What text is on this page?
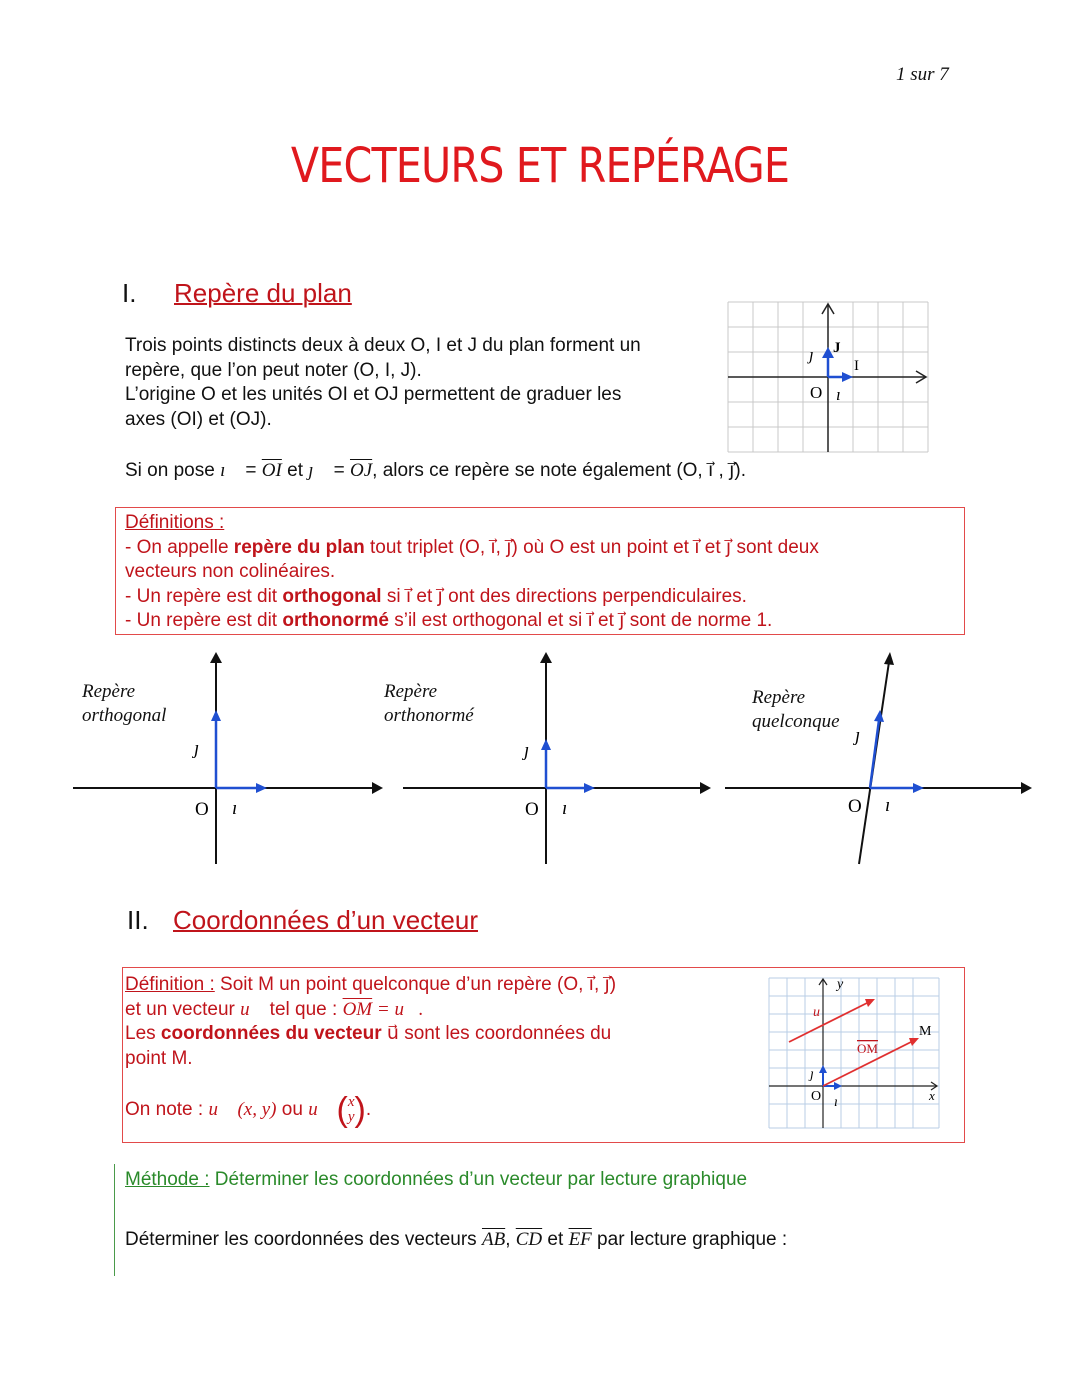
1 sur 7
VECTEURS ET REPÉRAGE
I. Repère du plan
Trois points distincts deux à deux O, I et J du plan forment un
repère, que l’on peut noter (O, I, J).
L’origine O et les unités OI et OJ permettent de graduer les
axes (OI) et (OJ).
ȷ⃗ J
I
O ı⃗
Si on pose ı⃗ = $\overline{OI}$ et ȷ⃗ = $\overline{OJ}$, alors ce repère se note également (O, ı⃗ , ȷ⃗).

Définitions :

- On appelle repère du plan tout triplet (O, ı⃗, ȷ⃗) où O est un point et ı⃗ et ȷ⃗ sont deux

vecteurs non colinéaires.

- Un repère est dit orthogonal si ı⃗ et ȷ⃗ ont des directions perpendiculaires.

- Un repère est dit orthonormé s’il est orthogonal et si ı⃗ et ȷ⃗ sont de norme 1.

Repère
orthogonal
ȷ⃗
O ı⃗
Repère
orthonormé
ȷ⃗
O ı⃗
Repère
quelconque
ȷ⃗
O ı⃗
II. Coordonnées d’un vecteur

Définition : Soit M un point quelconque d’un repère (O, ı⃗, ȷ⃗)

et un vecteur u⃗ tel que : $\overline{OM}$ = u⃗.

Les coordonnées du vecteur u⃗ sont les coordonnées du

point M.

On note : u⃗ (x, y) ou u⃗ ( x
y ) .

y
u⃗
OM
M
ȷ⃗
O ı⃗	x
Méthode : Déterminer les coordonnées d’un vecteur par lecture graphique
Déterminer les coordonnées des vecteurs $\overline{AB}$, $\overline{CD}$ et $\overline{EF}$ par lecture graphique :
